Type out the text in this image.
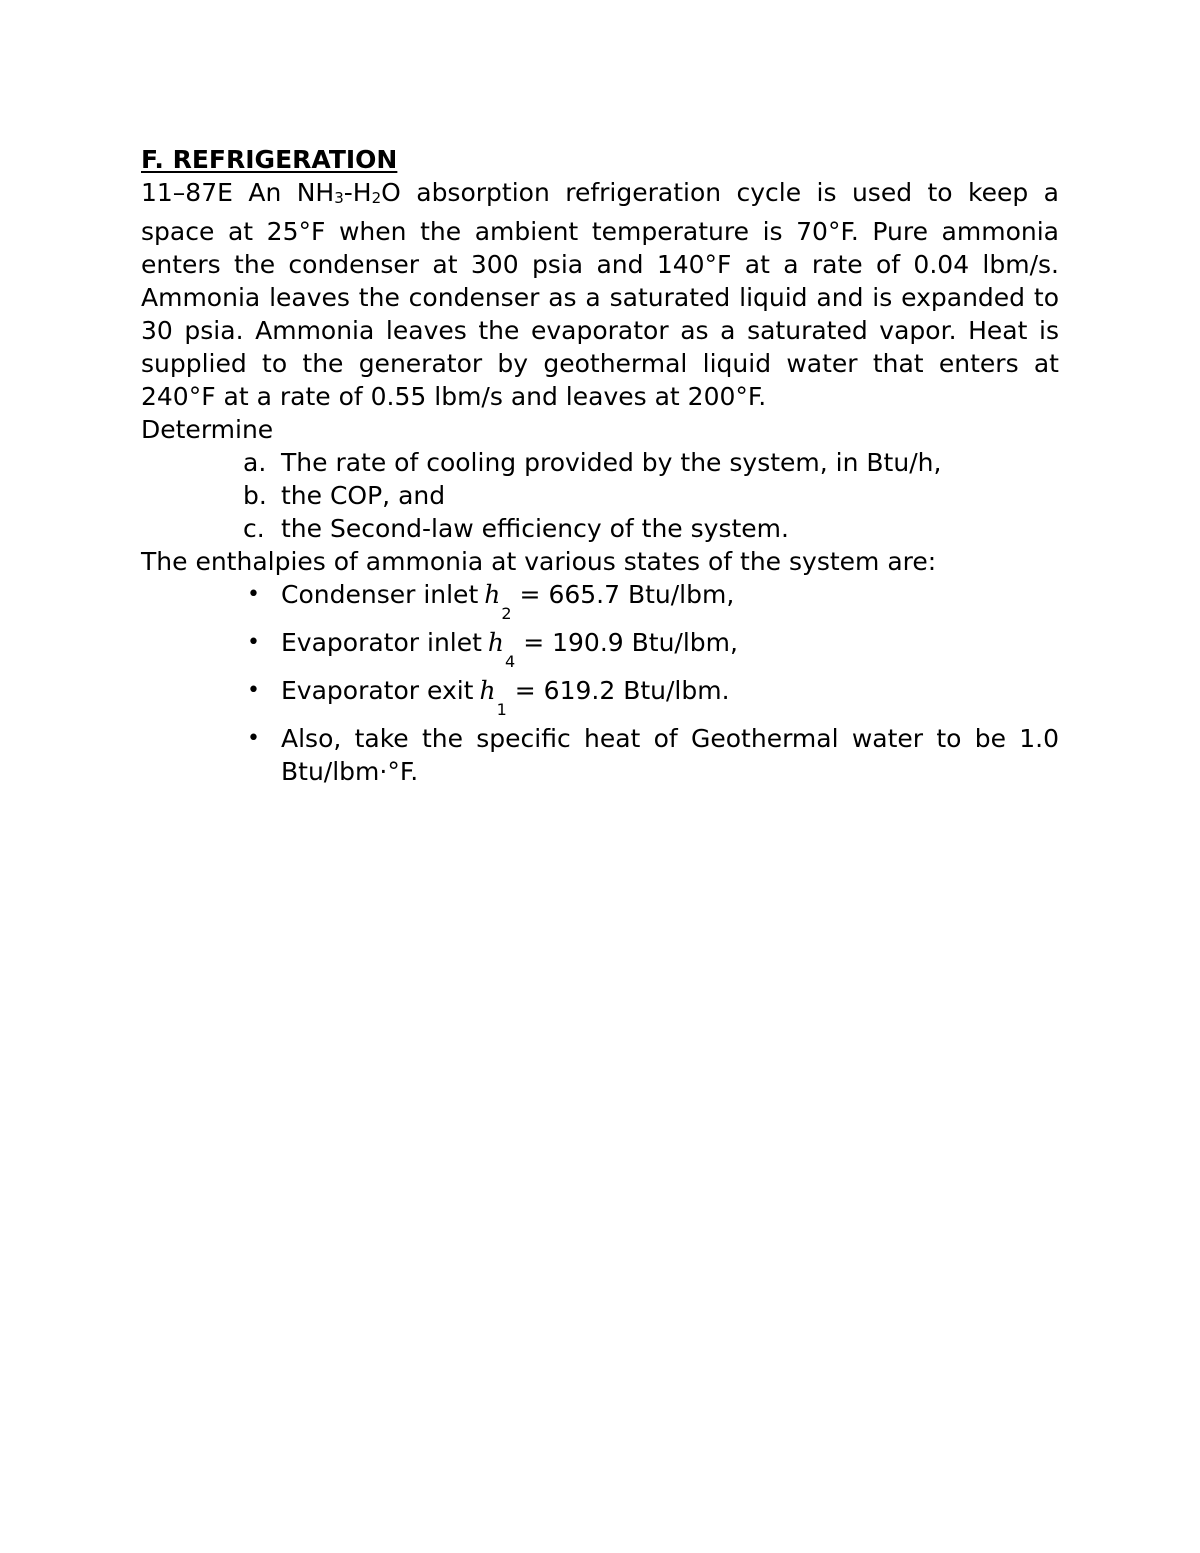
F. REFRIGERATION

11–87E An NH3-H2O absorption refrigeration cycle is used to keep a space at 25°F when the ambient temperature is 70°F. Pure ammonia enters the condenser at 300 psia and 140°F at a rate of 0.04 lbm/s. Ammonia leaves the condenser as a saturated liquid and is expanded to 30 psia. Ammonia leaves the evaporator as a saturated vapor. Heat is supplied to the generator by geothermal liquid water that enters at 240°F at a rate of 0.55 lbm/s and leaves at 200°F.

Determine

a. The rate of cooling provided by the system, in Btu/h,
b. the COP, and
c. the Second-law efficiency of the system.

The enthalpies of ammonia at various states of the system are:

• Condenser inlet h2= 665.7 Btu/lbm,
• Evaporator inlet h4= 190.9 Btu/lbm,
• Evaporator exit h1= 619.2 Btu/lbm.
• Also, take the specific heat of Geothermal water to be 1.0 Btu/lbm·°F.
